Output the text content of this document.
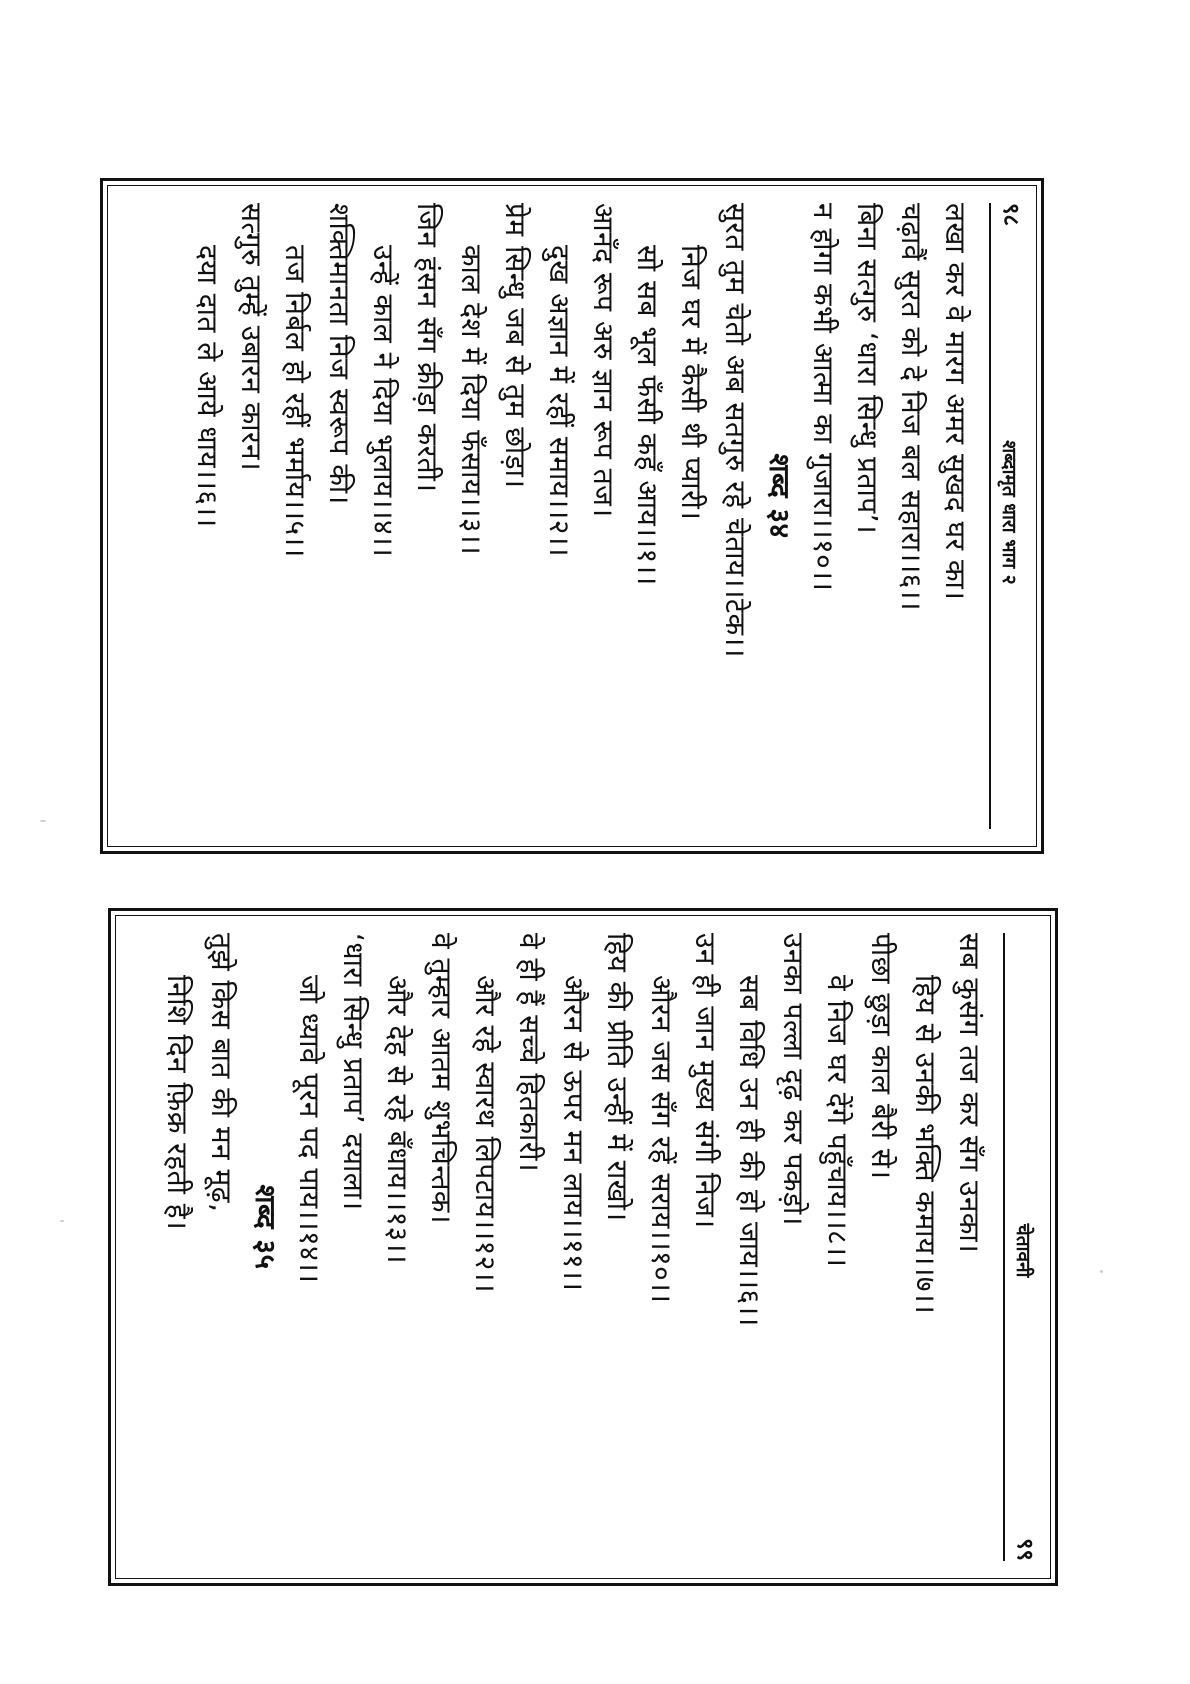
९८
शब्दामृत धारा भाग २
लखा कर वे मारग अमर सुखद घर का।
चढ़ावैं सुरत को दे निज बल सहारा।।६।।
बिना सत्गुरु ‘धारा सिन्धु प्रताप’।
न होगा कभी आत्मा का गुजारा।।१०।।
शब्द ३४
सुरत तुम चेतो अब सतगुरु रहे चेताय।।टेक।।
निज घर में कैसी थी प्यारी।
सो सब भूल फँसी कहँ आय।।१।।
आनँद रूप अरु ज्ञान रूप तज।
दुख अज्ञान में रहीं समाय।।२।।
प्रेम सिन्धु जब से तुम छोड़ा।
काल देश में दिया फँसाय।।३।।
जिन हंसन सँग क्रीड़ा करती।
उन्हें काल ने दिया भुलाय।।४।।
शक्तिमानता निज स्वरूप की।
तज निर्बल हो रहीं भर्माय।।५।।
सत्गुरु तुम्हें उबारन कारन।
दया दात ले आये धाय।।६।।
चेतावनी
९९
सब कुसंग तज कर सँग उनका।
हिय से उनकी भक्ति कमाय।।७।।
पीछा छुड़ा काल बैरी से।
वे निज घर देंगे पहुँचाय।।८।।
उनका पल्ला दृढ़ कर पकड़ो।
सब विधि उन ही की हो जाय।।६।।
उन ही जान मुख्य संगी निज।
औरन जस सँग रहें सराय।।१०।।
हिय की प्रीति उन्हीं में राखो।
औरन से ऊपर मन लाय।।११।।
वे ही हैं सच्चे हितकारी।
और रहे स्वारथ लिपटाय।।१२।।
वे तुम्हार आतम शुभचिन्तक।
और देह से रहे बँधाय।।१३।।
‘धारा सिन्धु प्रताप’ दयाला।
जो ध्यावे पूरन पद पाय।।१४।।
शब्द ३५
तुझे किस बात की मन मूढ़,
निशि दिन फ़िक्र रहती है।
